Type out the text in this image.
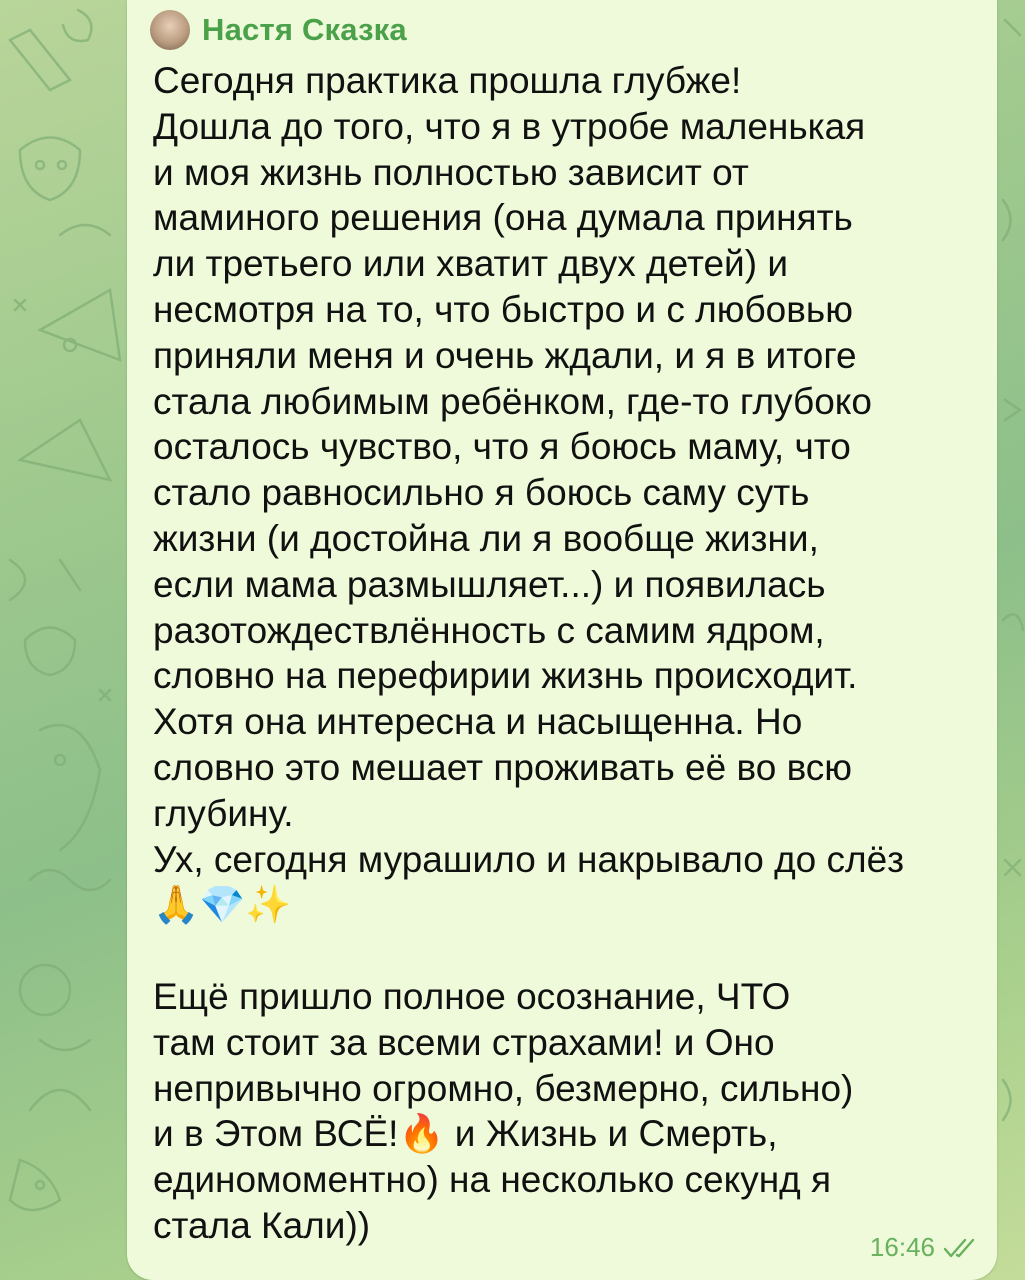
Настя Сказка

Сегодня практика прошла глубже!
Дошла до того, что я в утробе маленькая
и моя жизнь полностью зависит от
маминого решения (она думала принять
ли третьего или хватит двух детей) и
несмотря на то, что быстро и с любовью
приняли меня и очень ждали, и я в итоге
стала любимым ребёнком, где-то глубоко
осталось чувство, что я боюсь маму, что
стало равносильно я боюсь саму суть
жизни (и достойна ли я вообще жизни,
если мама размышляет...) и появилась
разотождествлённость с самим ядром,
словно на перефирии жизнь происходит.
Хотя она интересна и насыщенна. Но
словно это мешает проживать её во всю
глубину.
Ух, сегодня мурашило и накрывало до слёз
🙏💎✨

Ещё пришло полное осознание, ЧТО
там стоит за всеми страхами! и Оно
непривычно огромно, безмерно, сильно)
и в Этом ВСЁ!🔥 и Жизнь и Смерть,
единомоментно) на несколько секунд я
стала Кали))

16:46
